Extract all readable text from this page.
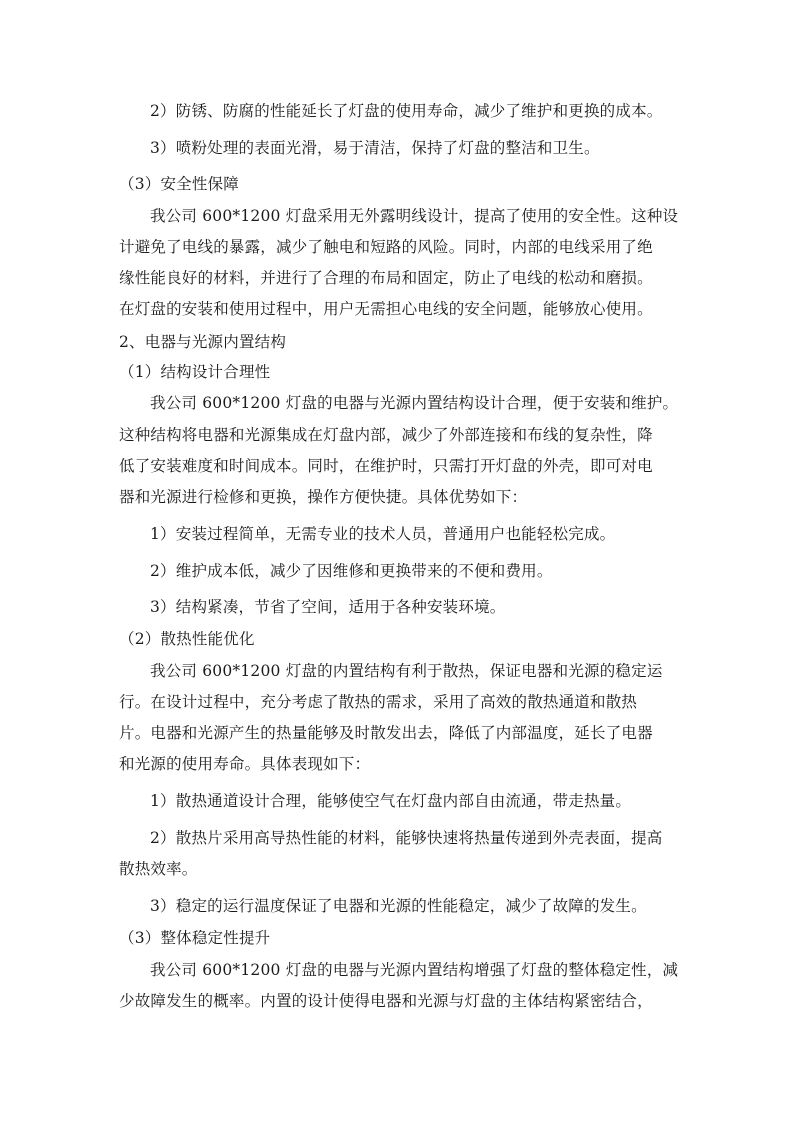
2）防锈、防腐的性能延长了灯盘的使用寿命，减少了维护和更换的成本。
3）喷粉处理的表面光滑，易于清洁，保持了灯盘的整洁和卫生。
（3）安全性保障
我公司 600*1200 灯盘采用无外露明线设计，提高了使用的安全性。这种设
计避免了电线的暴露，减少了触电和短路的风险。同时，内部的电线采用了绝
缘性能良好的材料，并进行了合理的布局和固定，防止了电线的松动和磨损。
在灯盘的安装和使用过程中，用户无需担心电线的安全问题，能够放心使用。
2、电器与光源内置结构
（1）结构设计合理性
我公司 600*1200 灯盘的电器与光源内置结构设计合理，便于安装和维护。
这种结构将电器和光源集成在灯盘内部，减少了外部连接和布线的复杂性，降
低了安装难度和时间成本。同时，在维护时，只需打开灯盘的外壳，即可对电
器和光源进行检修和更换，操作方便快捷。具体优势如下：
1）安装过程简单，无需专业的技术人员，普通用户也能轻松完成。
2）维护成本低，减少了因维修和更换带来的不便和费用。
3）结构紧凑，节省了空间，适用于各种安装环境。
（2）散热性能优化
我公司 600*1200 灯盘的内置结构有利于散热，保证电器和光源的稳定运
行。在设计过程中，充分考虑了散热的需求，采用了高效的散热通道和散热
片。电器和光源产生的热量能够及时散发出去，降低了内部温度，延长了电器
和光源的使用寿命。具体表现如下：
1）散热通道设计合理，能够使空气在灯盘内部自由流通，带走热量。
2）散热片采用高导热性能的材料，能够快速将热量传递到外壳表面，提高
散热效率。
3）稳定的运行温度保证了电器和光源的性能稳定，减少了故障的发生。
（3）整体稳定性提升
我公司 600*1200 灯盘的电器与光源内置结构增强了灯盘的整体稳定性，减
少故障发生的概率。内置的设计使得电器和光源与灯盘的主体结构紧密结合，
